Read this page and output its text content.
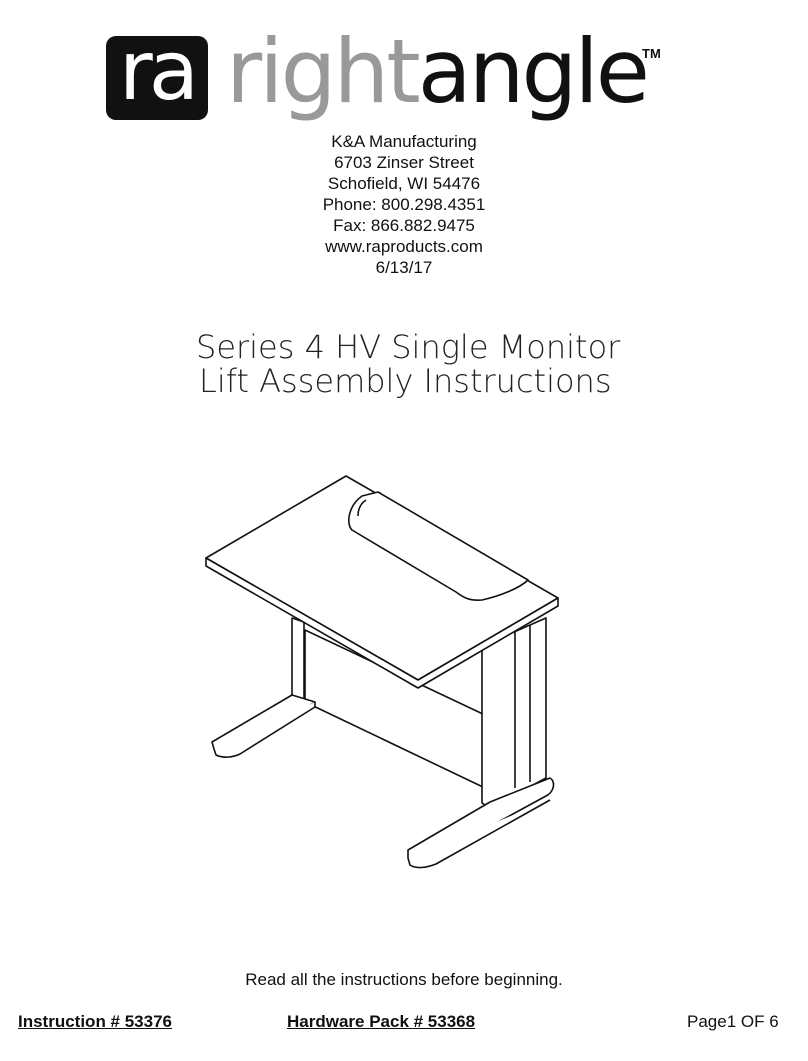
ra rightangle
TM
K&A Manufacturing
6703 Zinser Street
Schofield, WI 54476
Phone: 800.298.4351
Fax: 866.882.9475
www.raproducts.com
6/13/17
Series 4 HV Single Monitor
Lift Assembly Instructions
Read all the instructions before beginning.
Instruction # 53376	Hardware Pack # 53368	Page1 OF 6
